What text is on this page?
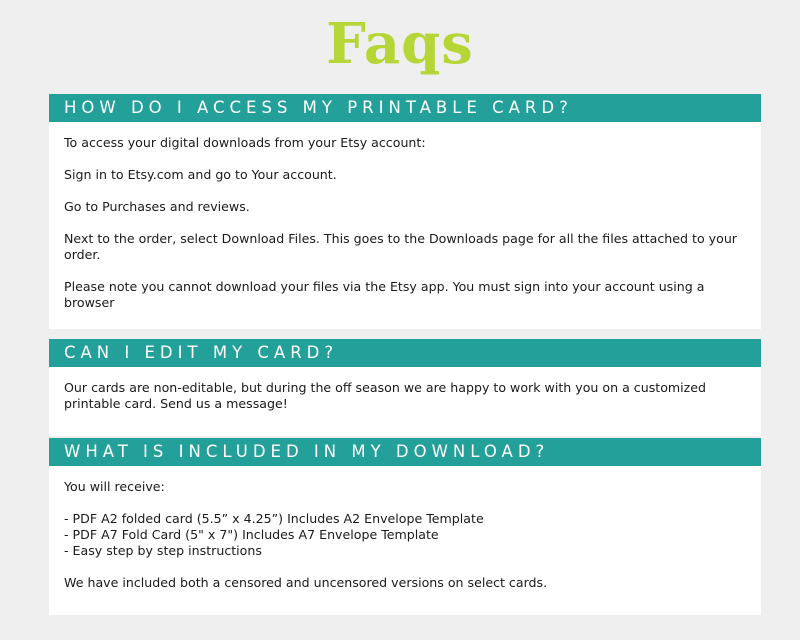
Faqs
HOW DO I ACCESS MY PRINTABLE CARD?

To access your digital downloads from your Etsy account:

Sign in to Etsy.com and go to Your account.

Go to Purchases and reviews.

Next to the order, select Download Files. This goes to the Downloads page for all the files attached to your order.

Please note you cannot download your files via the Etsy app. You must sign into your account using a browser

CAN I EDIT MY CARD?

Our cards are non-editable, but during the off season we are happy to work with you on a customized printable card. Send us a message!

WHAT IS INCLUDED IN MY DOWNLOAD?

You will receive:

- PDF A2 folded card (5.5” x 4.25”) Includes A2 Envelope Template
- PDF A7 Fold Card (5" x 7") Includes A7 Envelope Template
- Easy step by step instructions

We have included both a censored and uncensored versions on select cards.
